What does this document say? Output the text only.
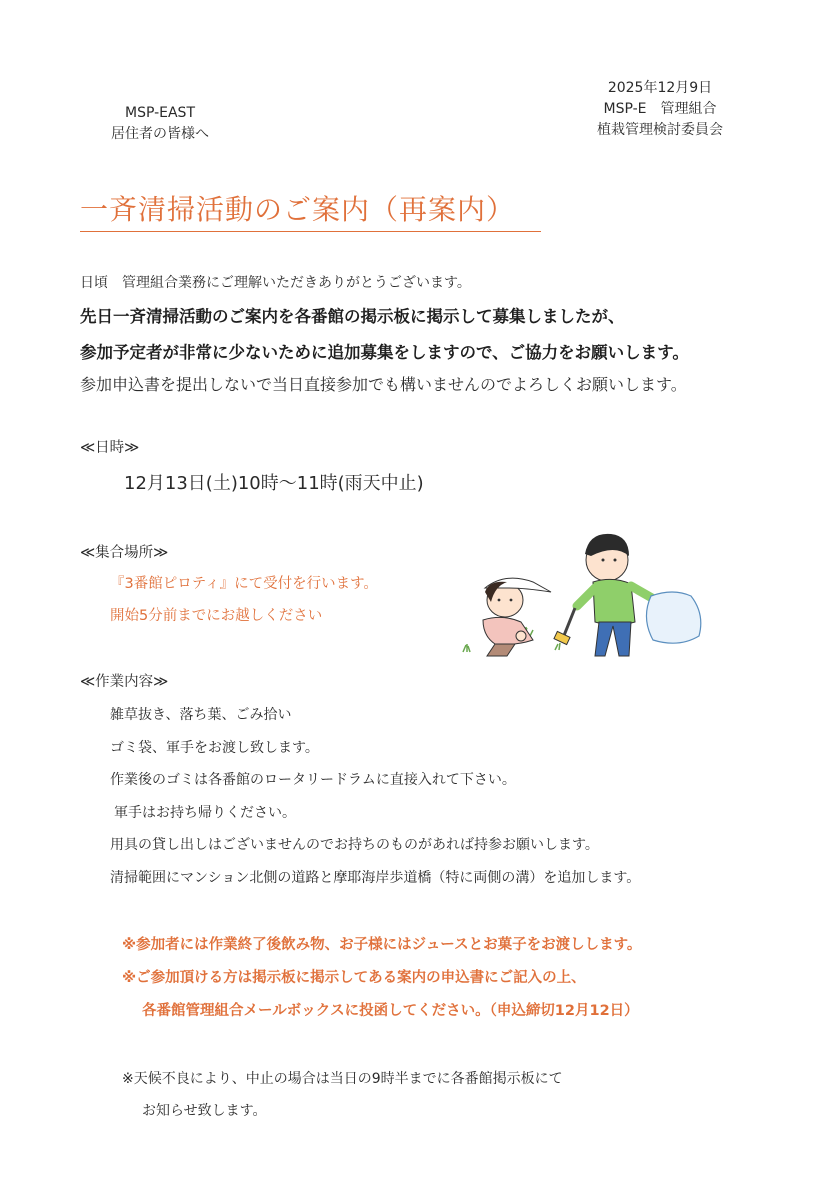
MSP-EAST
居住者の皆様へ
2025年12月9日
MSP-E　管理組合
植栽管理検討委員会
一斉清掃活動のご案内（再案内）
日頃　管理組合業務にご理解いただきありがとうございます。
先日一斉清掃活動のご案内を各番館の掲示板に掲示して募集しましたが、
参加予定者が非常に少ないために追加募集をしますので、ご協力をお願いします。
参加申込書を提出しないで当日直接参加でも構いませんのでよろしくお願いします。
≪日時≫
12月13日(土)10時～11時(雨天中止)
≪集合場所≫
『3番館ピロティ』にて受付を行います。
開始5分前までにお越しください
≪作業内容≫
雑草抜き、落ち葉、ごみ拾い
ゴミ袋、軍手をお渡し致します。
作業後のゴミは各番館のロータリードラムに直接入れて下さい。
軍手はお持ち帰りください。
用具の貸し出しはございませんのでお持ちのものがあれば持参お願いします。
清掃範囲にマンション北側の道路と摩耶海岸歩道橋（特に両側の溝）を追加します。
※参加者には作業終了後飲み物、お子様にはジュースとお菓子をお渡しします。
※ご参加頂ける方は掲示板に掲示してある案内の申込書にご記入の上、
各番館管理組合メールボックスに投函してください。（申込締切12月12日）
※天候不良により、中止の場合は当日の9時半までに各番館掲示板にて
お知らせ致します。
